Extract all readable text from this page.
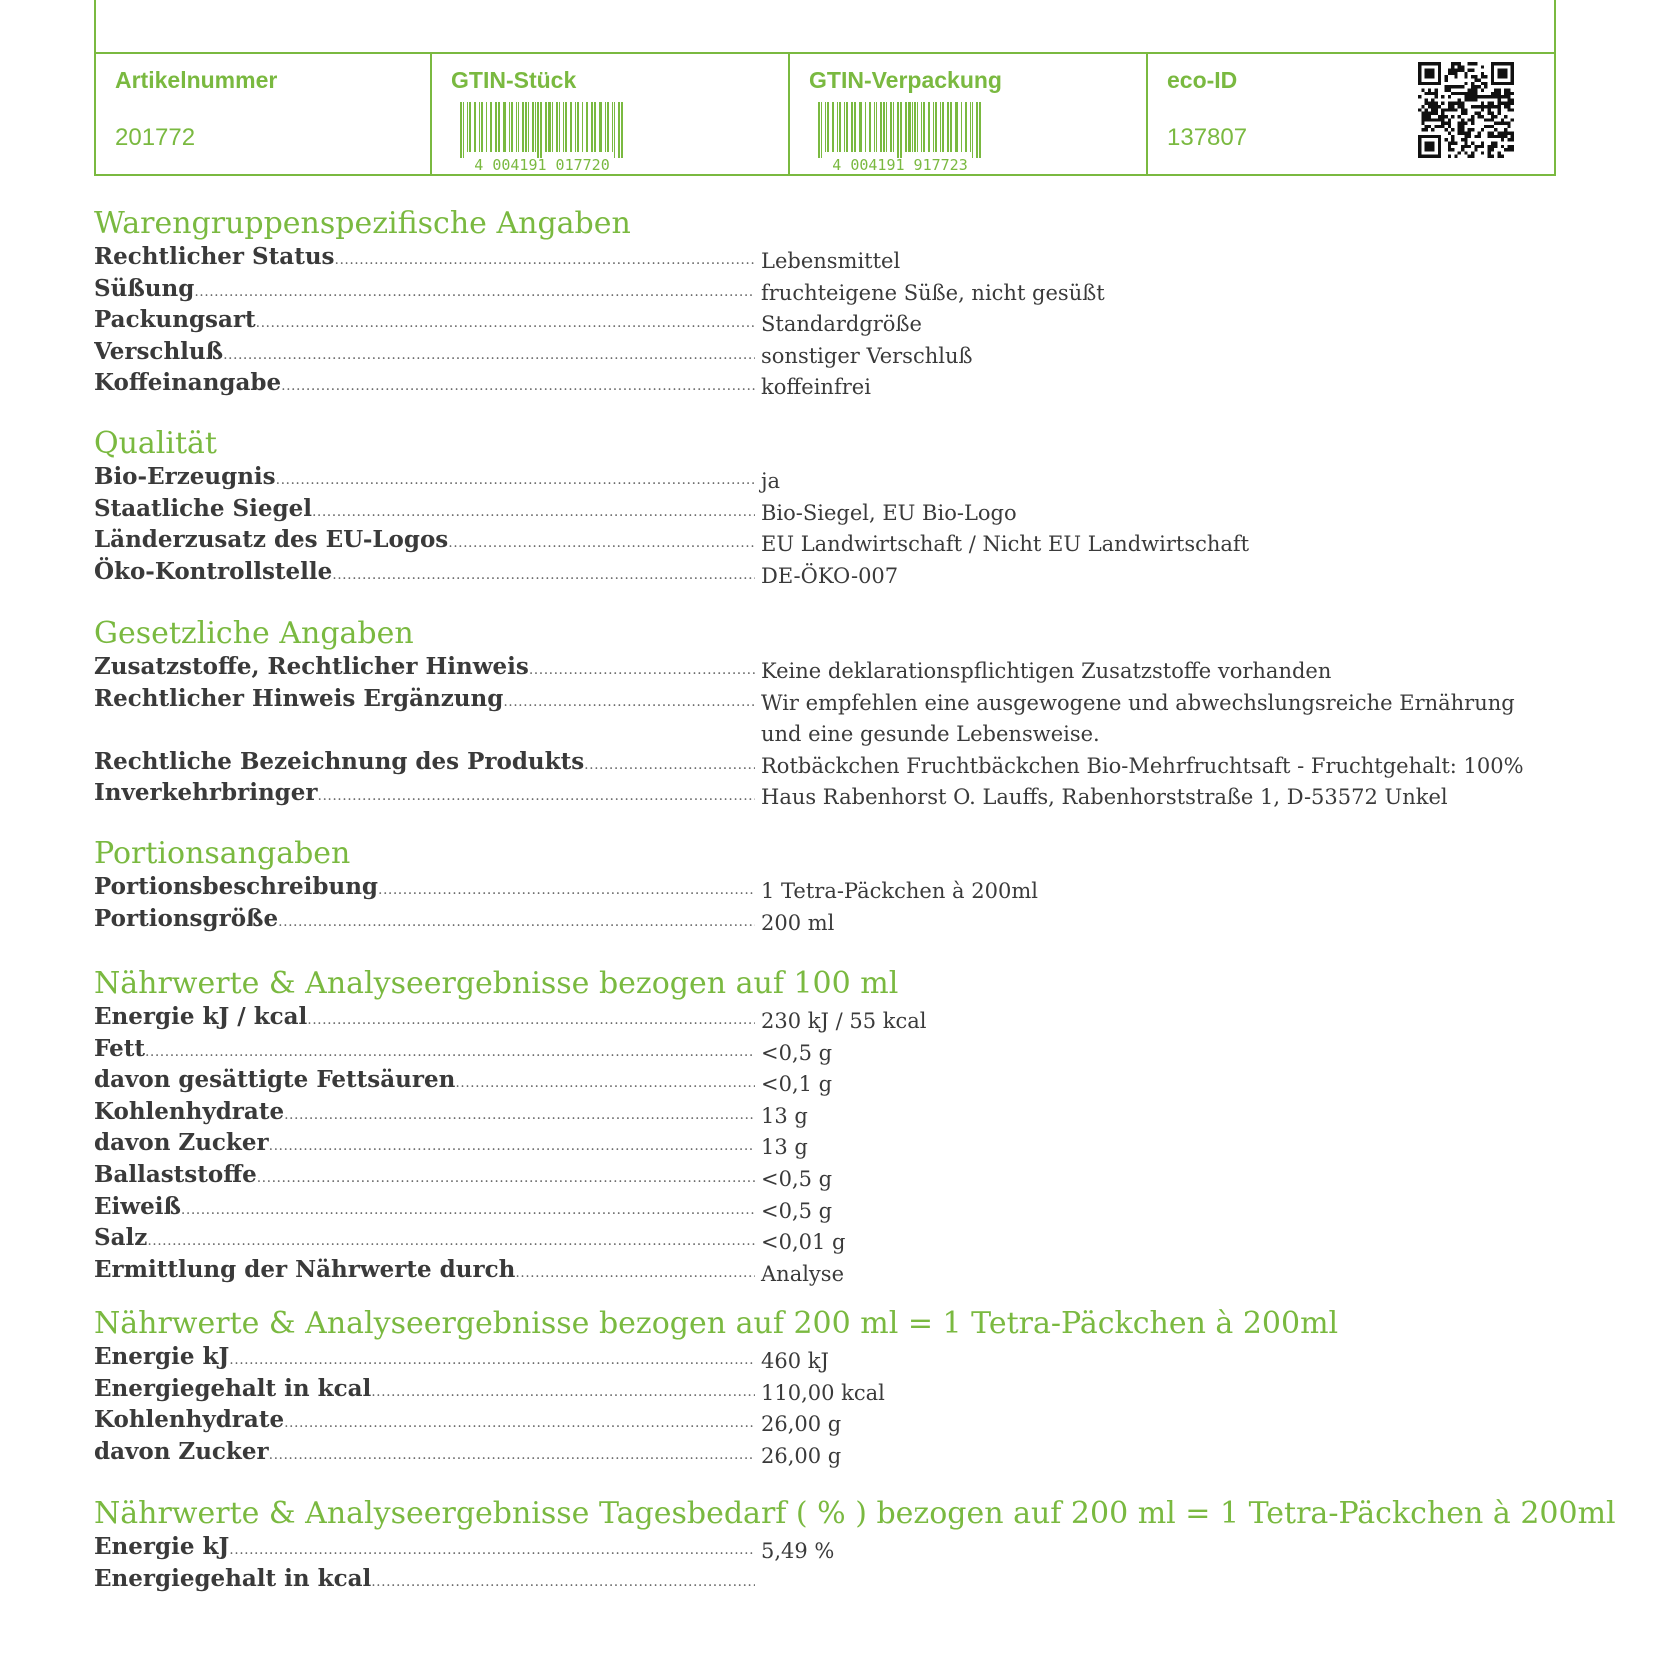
Artikelnummer
201772
GTIN-Stück
4 004191 017720
GTIN-Verpackung
4 004191 917723
eco-ID
137807
Warengruppenspezifische Angaben
Rechtlicher Status .....	Lebensmittel
Süßung .....	fruchteigene Süße, nicht gesüßt
Packungsart .....	Standardgröße
Verschluß .....	sonstiger Verschluß
Koffeinangabe .....	koffeinfrei
Qualität
Bio-Erzeugnis .....	ja
Staatliche Siegel .....	Bio-Siegel, EU Bio-Logo
Länderzusatz des EU-Logos .....	EU Landwirtschaft / Nicht EU Landwirtschaft
Öko-Kontrollstelle .....	DE-ÖKO-007
Gesetzliche Angaben
Zusatzstoffe, Rechtlicher Hinweis .....	Keine deklarationspflichtigen Zusatzstoffe vorhanden
Rechtlicher Hinweis Ergänzung .....	Wir empfehlen eine ausgewogene und abwechslungsreiche Ernährung und eine gesunde Lebensweise.
Rechtliche Bezeichnung des Produkts .....	Rotbäckchen Fruchtbäckchen Bio-Mehrfruchtsaft - Fruchtgehalt: 100%
Inverkehrbringer .....	Haus Rabenhorst O. Lauffs, Rabenhorststraße 1, D-53572 Unkel
Portionsangaben
Portionsbeschreibung .....	1 Tetra-Päckchen à 200ml
Portionsgröße .....	200 ml
Nährwerte & Analyseergebnisse bezogen auf 100 ml
Energie kJ / kcal .....	230 kJ / 55 kcal
Fett .....	<0,5 g
davon gesättigte Fettsäuren .....	<0,1 g
Kohlenhydrate .....	13 g
davon Zucker .....	13 g
Ballaststoffe .....	<0,5 g
Eiweiß .....	<0,5 g
Salz .....	<0,01 g
Ermittlung der Nährwerte durch .....	Analyse
Nährwerte & Analyseergebnisse bezogen auf 200 ml = 1 Tetra-Päckchen à 200ml
Energie kJ .....	460 kJ
Energiegehalt in kcal .....	110,00 kcal
Kohlenhydrate .....	26,00 g
davon Zucker .....	26,00 g
Nährwerte & Analyseergebnisse Tagesbedarf ( % ) bezogen auf 200 ml = 1 Tetra-Päckchen à 200ml
Energie kJ .....	5,49 %
Energiegehalt in kcal .....
